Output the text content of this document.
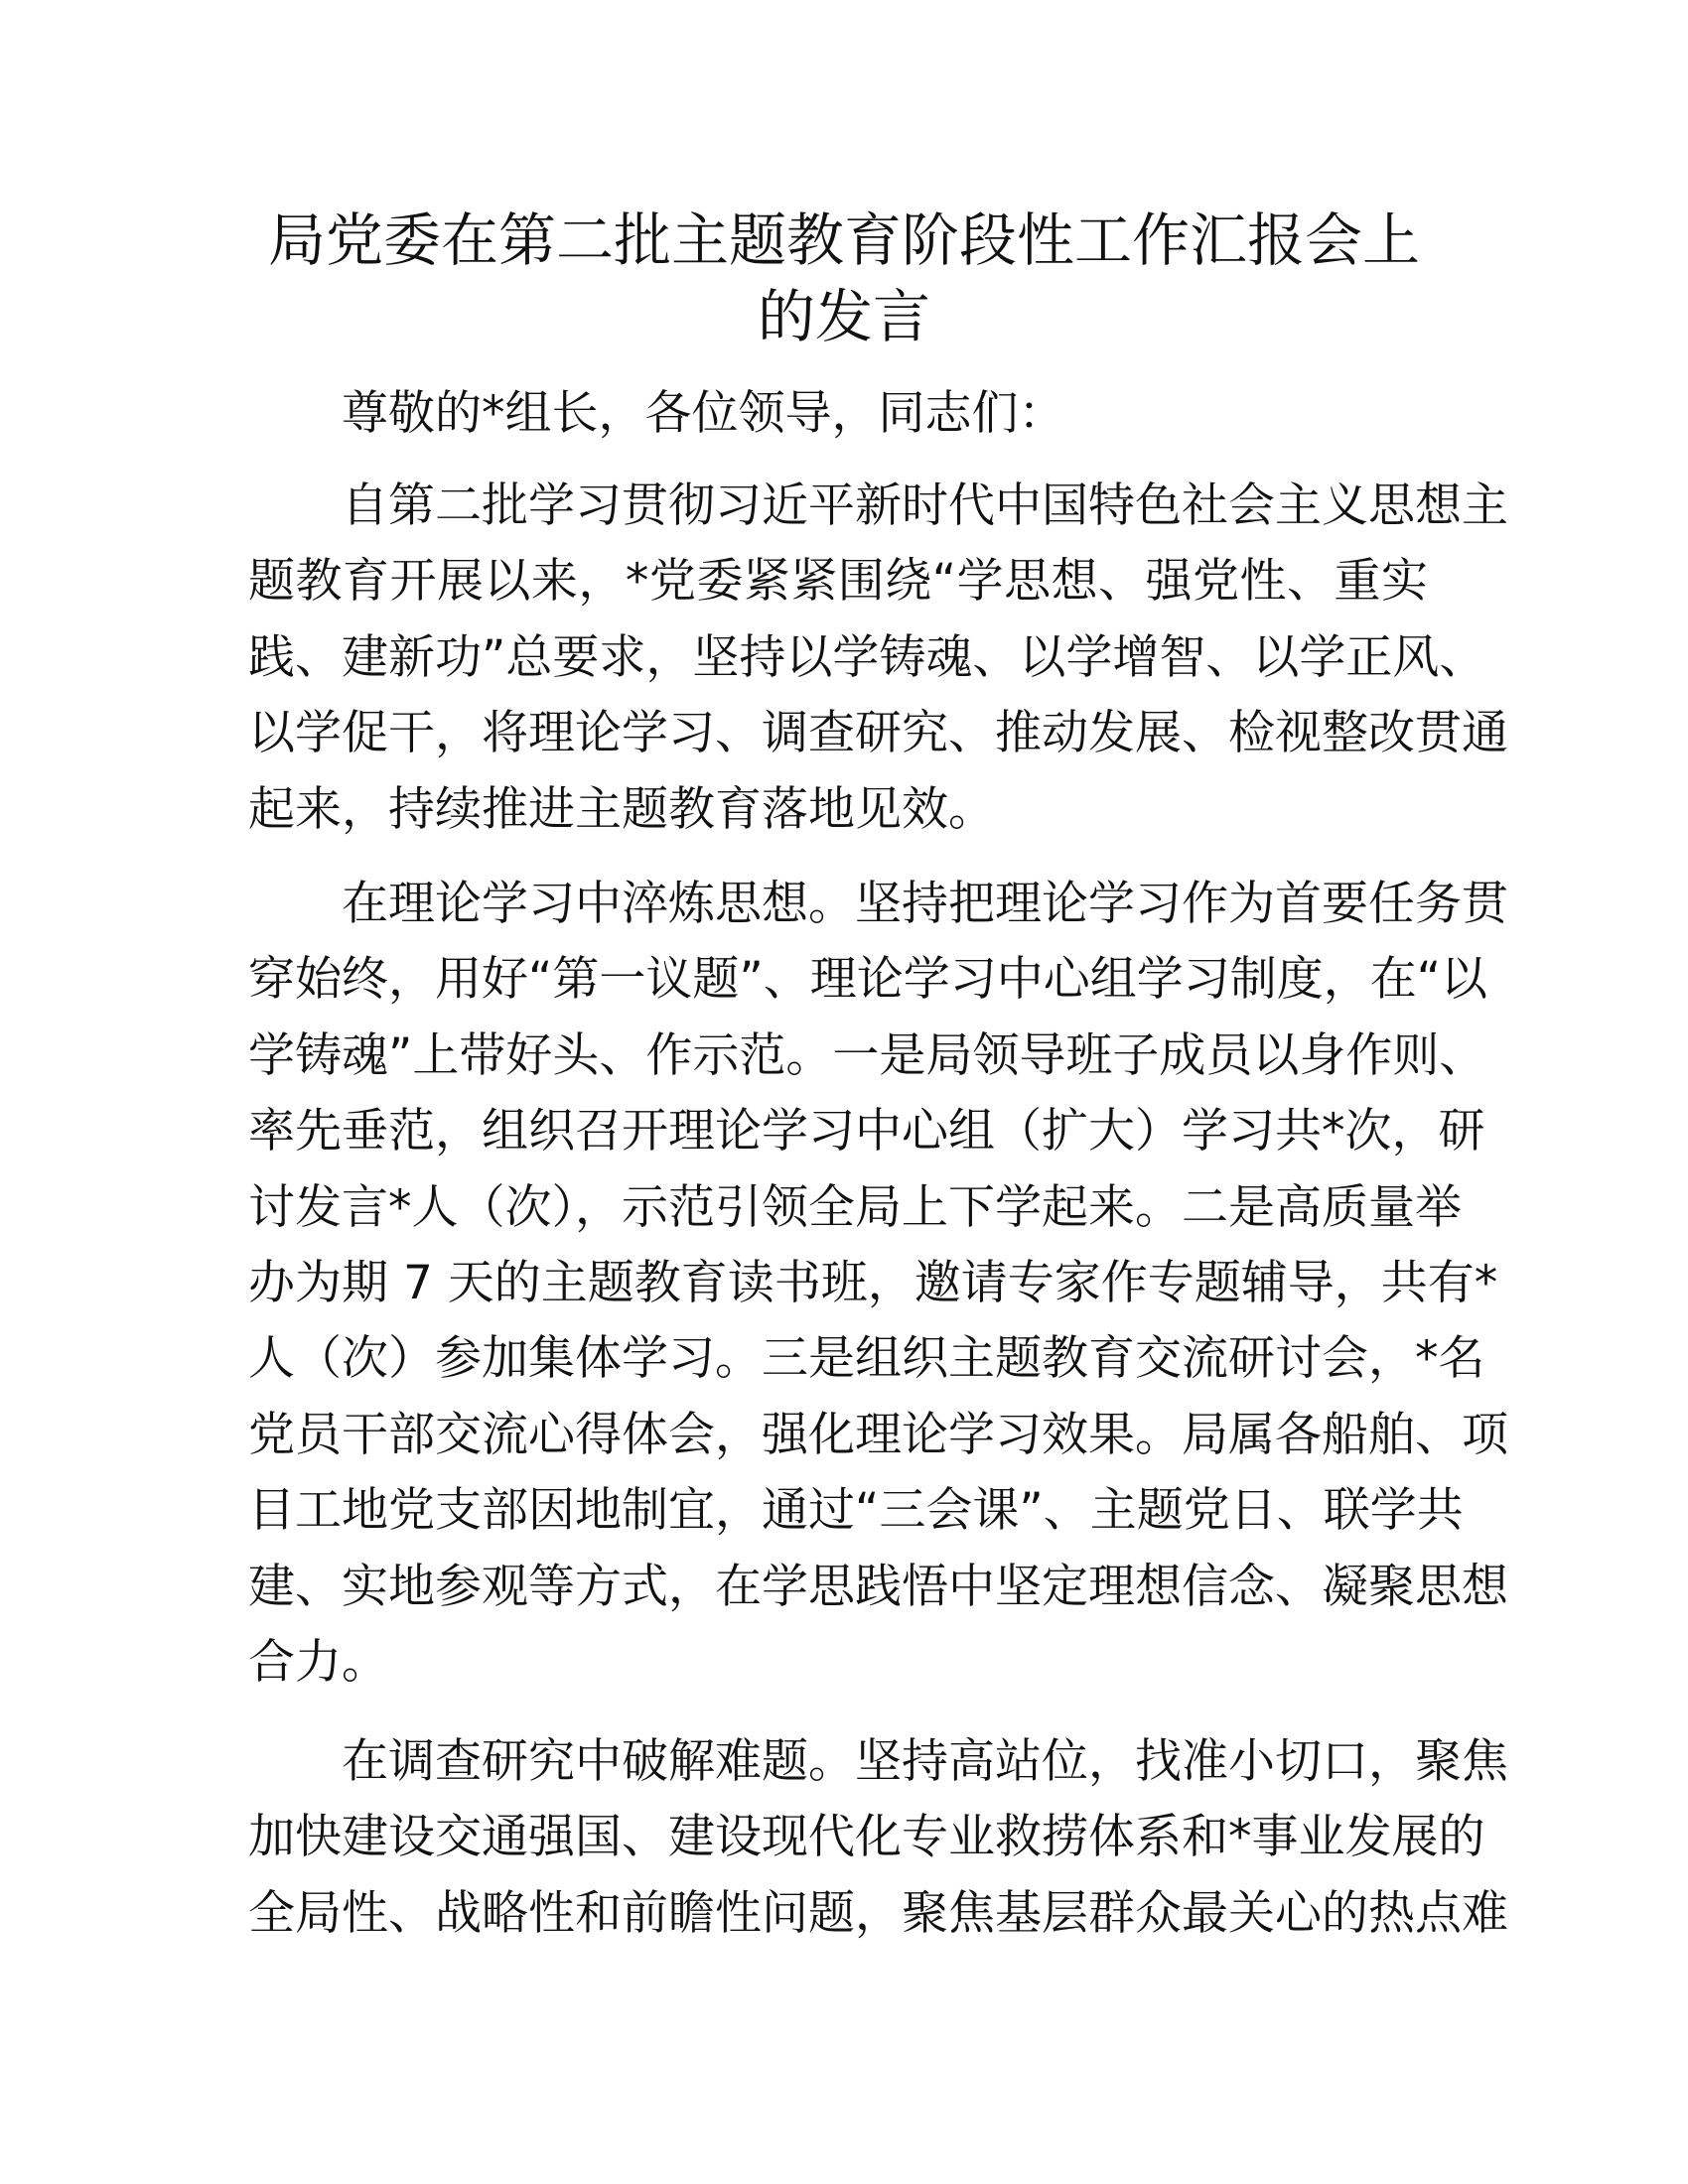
局党委在第二批主题教育阶段性工作汇报会上
的发言
尊敬的*组长，各位领导，同志们：
自第二批学习贯彻习近平新时代中国特色社会主义思想主
题教育开展以来，*党委紧紧围绕“学思想、强党性、重实
践、建新功”总要求，坚持以学铸魂、以学增智、以学正风、
以学促干，将理论学习、调查研究、推动发展、检视整改贯通
起来，持续推进主题教育落地见效。
在理论学习中淬炼思想。坚持把理论学习作为首要任务贯
穿始终，用好“第一议题”、理论学习中心组学习制度，在“以
学铸魂”上带好头、作示范。一是局领导班子成员以身作则、
率先垂范，组织召开理论学习中心组（扩大）学习共*次，研
讨发言*人（次），示范引领全局上下学起来。二是高质量举
办为期 7 天的主题教育读书班，邀请专家作专题辅导，共有*
人（次）参加集体学习。三是组织主题教育交流研讨会，*名
党员干部交流心得体会，强化理论学习效果。局属各船舶、项
目工地党支部因地制宜，通过“三会课”、主题党日、联学共
建、实地参观等方式，在学思践悟中坚定理想信念、凝聚思想
合力。
在调查研究中破解难题。坚持高站位，找准小切口，聚焦
加快建设交通强国、建设现代化专业救捞体系和*事业发展的
全局性、战略性和前瞻性问题，聚焦基层群众最关心的热点难
